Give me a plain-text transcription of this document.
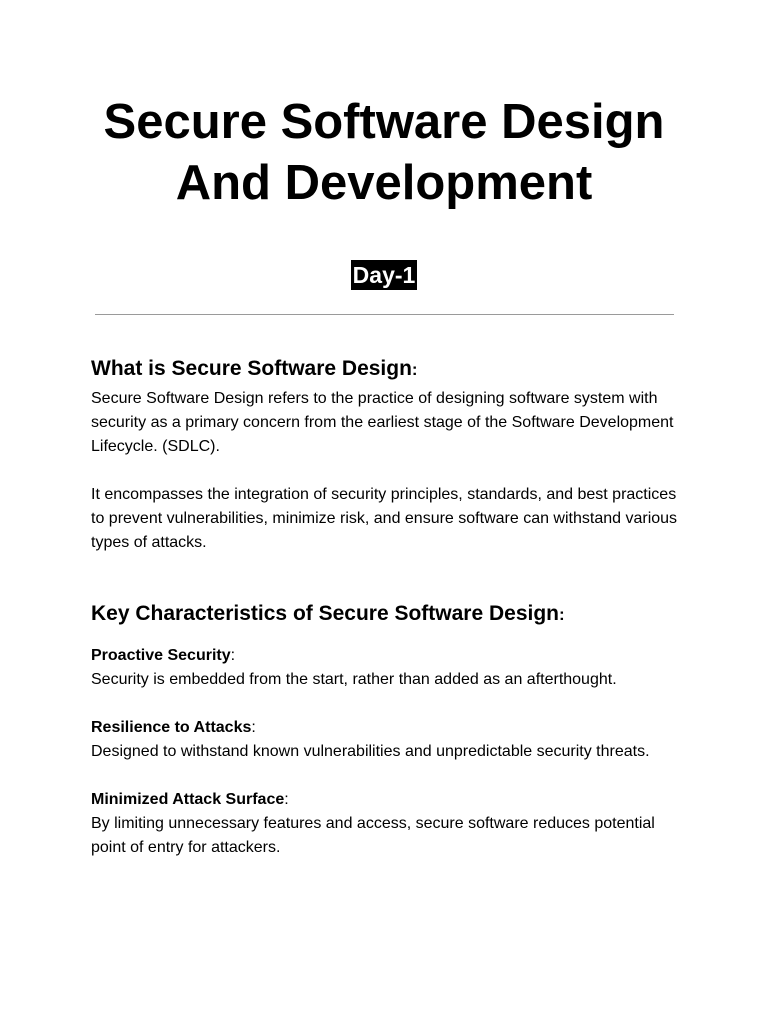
Secure Software Design
And Development
Day-1
What is Secure Software Design:

Secure Software Design refers to the practice of designing software system with security as a primary concern from the earliest stage of the Software Development Lifecycle. (SDLC).

It encompasses the integration of security principles, standards, and best practices to prevent vulnerabilities, minimize risk, and ensure software can withstand various types of attacks.

Key Characteristics of Secure Software Design:

Proactive Security:

Security is embedded from the start, rather than added as an afterthought.

Resilience to Attacks:

Designed to withstand known vulnerabilities and unpredictable security threats.

Minimized Attack Surface:

By limiting unnecessary features and access, secure software reduces potential point of entry for attackers.
